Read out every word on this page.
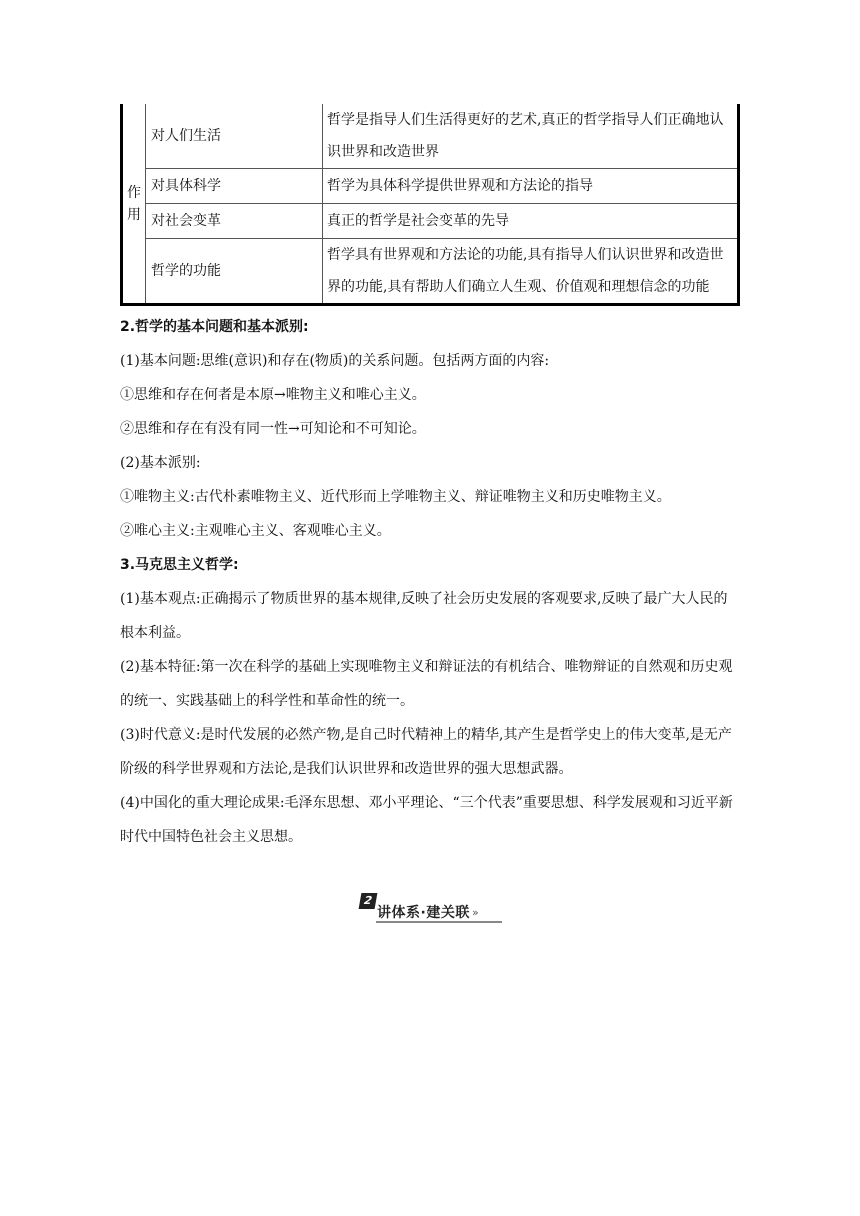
作
用	对人们生活	哲学是指导人们生活得更好的艺术,真正的哲学指导人们正确地认识世界和改造世界
	对具体科学	哲学为具体科学提供世界观和方法论的指导
	对社会变革	真正的哲学是社会变革的先导
	哲学的功能	哲学具有世界观和方法论的功能,具有指导人们认识世界和改造世界的功能,具有帮助人们确立人生观、价值观和理想信念的功能

2.哲学的基本问题和基本派别:

(1)基本问题:思维(意识)和存在(物质)的关系问题。包括两方面的内容:

①思维和存在何者是本原→唯物主义和唯心主义。

②思维和存在有没有同一性→可知论和不可知论。

(2)基本派别:

①唯物主义:古代朴素唯物主义、近代形而上学唯物主义、辩证唯物主义和历史唯物主义。

②唯心主义:主观唯心主义、客观唯心主义。

3.马克思主义哲学:

(1)基本观点:正确揭示了物质世界的基本规律,反映了社会历史发展的客观要求,反映了最广大人民的根本利益。

(2)基本特征:第一次在科学的基础上实现唯物主义和辩证法的有机结合、唯物辩证的自然观和历史观的统一、实践基础上的科学性和革命性的统一。

(3)时代意义:是时代发展的必然产物,是自己时代精神上的精华,其产生是哲学史上的伟大变革,是无产阶级的科学世界观和方法论,是我们认识世界和改造世界的强大思想武器。

(4)中国化的重大理论成果:毛泽东思想、邓小平理论、“三个代表”重要思想、科学发展观和习近平新时代中国特色社会主义思想。

2
讲体系·建关联 »
